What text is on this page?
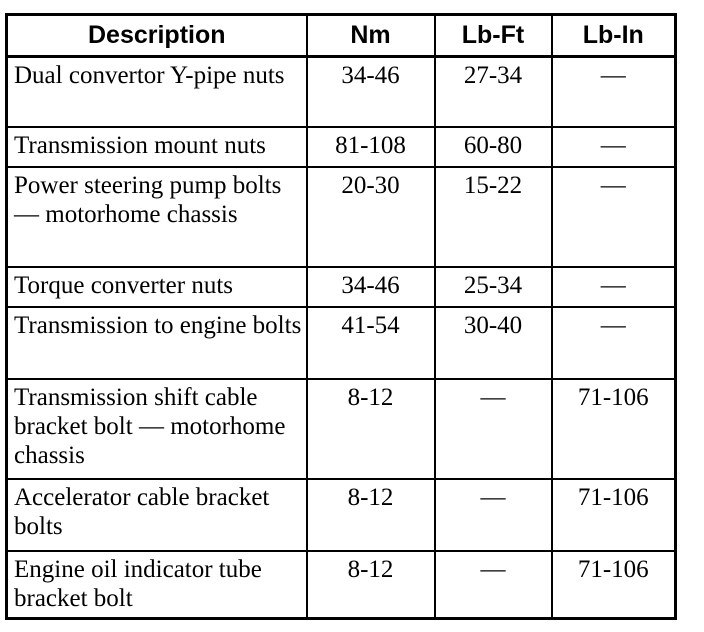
Description	Nm	Lb-Ft	Lb-In
Dual convertor Y-pipe nuts	34-46	27-34	—
Transmission mount nuts	81-108	60-80	—
Power steering pump bolts — motorhome chassis	20-30	15-22	—
Torque converter nuts	34-46	25-34	—
Transmission to engine bolts	41-54	30-40	—
Transmission shift cable bracket bolt — motorhome chassis	8-12	—	71-106
Accelerator cable bracket bolts	8-12	—	71-106
Engine oil indicator tube bracket bolt	8-12	—	71-106
